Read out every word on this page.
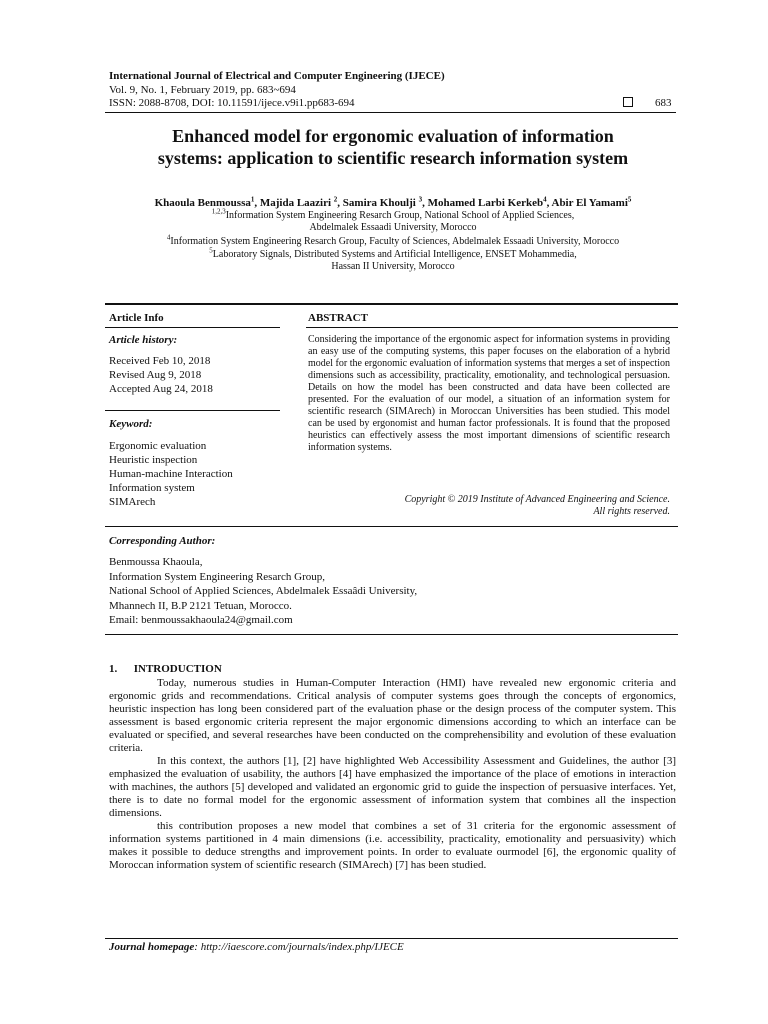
International Journal of Electrical and Computer Engineering (IJECE)
Vol. 9, No. 1, February 2019, pp. 683~694
ISSN: 2088-8708, DOI: 10.11591/ijece.v9i1.pp683-694	683
Enhanced model for ergonomic evaluation of information
systems: application to scientific research information system
Khaoula Benmoussa$^1$, Majida Laaziri $^2$, Samira Khoulji $^3$, Mohamed Larbi Kerkeb$^4$, Abir El Yamami$^5$
$^{1,2,3}$Information System Engineering Resarch Group, National School of Applied Sciences,
Abdelmalek Essaadi University, Morocco
$^4$Information System Engineering Resarch Group, Faculty of Sciences, Abdelmalek Essaadi University, Morocco
$^5$Laboratory Signals, Distributed Systems and Artificial Intelligence, ENSET Mohammedia,
Hassan II University, Morocco
Article Info	ABSTRACT
Article history:
Received Feb 10, 2018
Revised Aug 9, 2018
Accepted Aug 24, 2018
Keyword:
Ergonomic evaluation
Heuristic inspection
Human-machine Interaction
Information system
SIMArech
Considering the importance of the ergonomic aspect for information systems in providing an easy use of the computing systems, this paper focuses on the elaboration of a hybrid model for the ergonomic evaluation of information systems that merges a set of inspection dimensions such as accessibility, practicality, emotionality, and technological persuasion. Details on how the model has been constructed and data have been collected are presented. For the evaluation of our model, a situation of an information system for scientific research (SIMArech) in Moroccan Universities has been studied. This model can be used by ergonomist and human factor professionals. It is found that the proposed heuristics can effectively assess the most important dimensions of scientific research information systems.
Copyright © 2019 Institute of Advanced Engineering and Science.
All rights reserved.
Corresponding Author:
Benmoussa Khaoula,
Information System Engineering Resarch Group,
National School of Applied Sciences, Abdelmalek Essaâdi University,
Mhannech II, B.P 2121 Tetuan, Morocco.
Email: benmoussakhaoula24@gmail.com
1.      INTRODUCTION

Today, numerous studies in Human-Computer Interaction (HMI) have revealed new ergonomic criteria and ergonomic grids and recommendations. Critical analysis of computer systems goes through the concepts of ergonomics, heuristic inspection has long been considered part of the evaluation phase or the design process of the computer system. This assessment is based ergonomic criteria represent the major ergonomic dimensions according to which an interface can be evaluated or specified, and several researches have been conducted on the comprehensibility and evolution of these evaluation criteria.

In this context, the authors [1], [2] have highlighted Web Accessibility Assessment and Guidelines, the author [3] emphasized the evaluation of usability, the authors [4] have emphasized the importance of the place of emotions in interaction with machines, the authors [5] developed and validated an ergonomic grid to guide the inspection of persuasive interfaces. Yet, there is to date no formal model for the ergonomic assessment of information system that combines all the inspection dimensions.

this contribution proposes a new model that combines a set of 31 criteria for the ergonomic assessment of information systems partitioned in 4 main dimensions (i.e. accessibility, practicality, emotionality and persuasivity) which makes it possible to deduce strengths and improvement points. In order to evaluate ourmodel [6], the ergonomic quality of Moroccan information system of scientific research (SIMArech) [7] has been studied.

Journal homepage: http://iaescore.com/journals/index.php/IJECE
